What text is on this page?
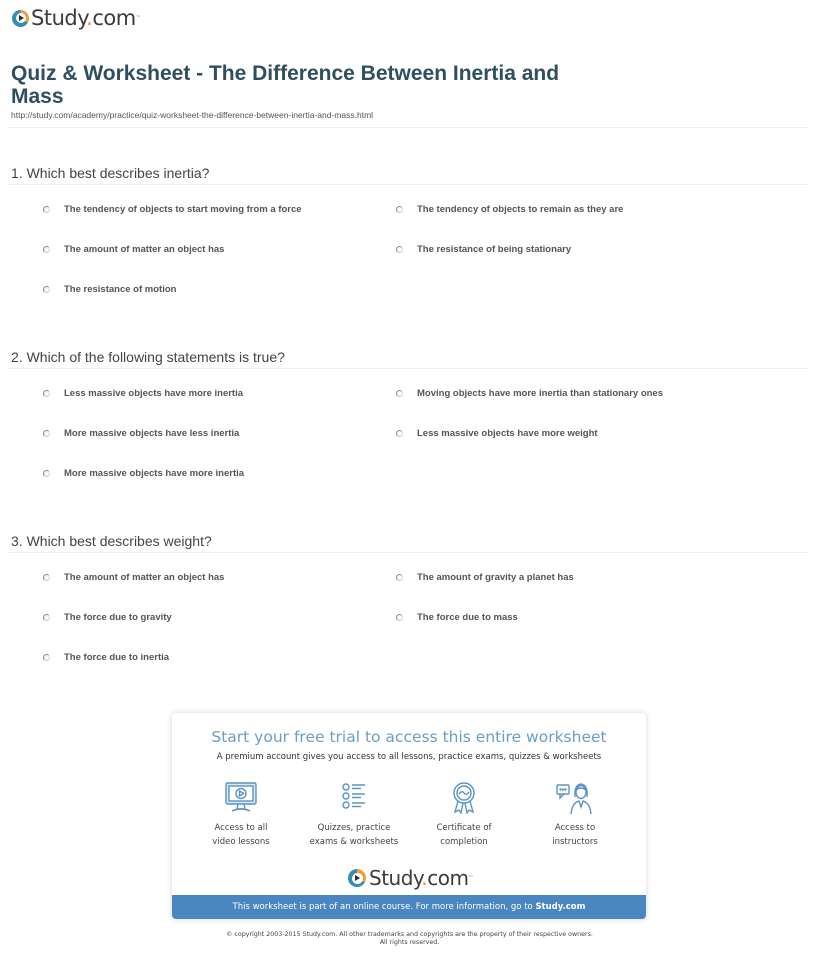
Study.com™
Quiz & Worksheet - The Difference Between Inertia and Mass
http://study.com/academy/practice/quiz-worksheet-the-difference-between-inertia-and-mass.html
1. Which best describes inertia?
The tendency of objects to start moving from a force	The tendency of objects to remain as they are
The amount of matter an object has	The resistance of being stationary
The resistance of motion
2. Which of the following statements is true?
Less massive objects have more inertia	Moving objects have more inertia than stationary ones
More massive objects have less inertia	Less massive objects have more weight
More massive objects have more inertia
3. Which best describes weight?
The amount of matter an object has	The amount of gravity a planet has
The force due to gravity	The force due to mass
The force due to inertia
Start your free trial to access this entire worksheet
A premium account gives you access to all lessons, practice exams, quizzes & worksheets
Access to all
video lessons
Quizzes, practice
exams & worksheets
Certificate of
completion
Access to
instructors
Study.com™
This worksheet is part of an online course. For more information, go to Study.com
© copyright 2003-2015 Study.com. All other trademarks and copyrights are the property of their respective owners.
All rights reserved.
